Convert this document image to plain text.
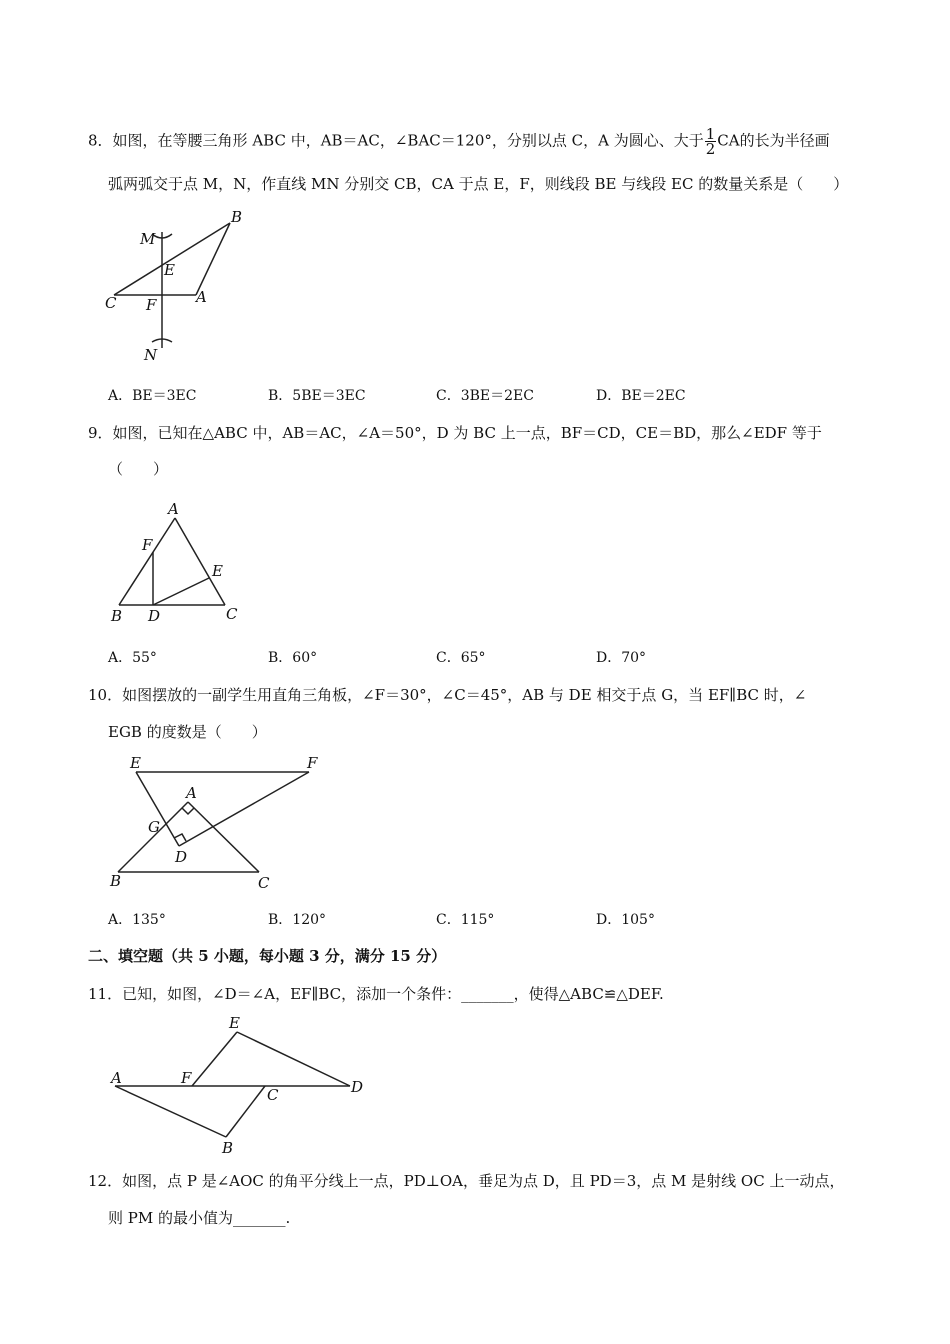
8．如图，在等腰三角形 ABC 中，AB＝AC，∠BAC＝120°，分别以点 C，A 为圆心、大于 $\frac{1}{2}$ CA的长为半径画
弧两弧交于点 M，N，作直线 MN 分别交 CB，CA 于点 E，F，则线段 BE 与线段 EC 的数量关系是（　　）
M
B
E
C F	A
N
A．BE＝3EC	B．5BE＝3EC	C．3BE＝2EC	D．BE＝2EC
9．如图，已知在△ABC 中，AB＝AC，∠A＝50°，D 为 BC 上一点，BF＝CD，CE＝BD，那么∠EDF 等于
（　　）
A
F
E
B D	C
A．55°	B．60°	C．65°	D．70°
10．如图摆放的一副学生用直角三角板，∠F＝30°，∠C＝45°，AB 与 DE 相交于点 G，当 EF∥BC 时，∠
EGB 的度数是（　　）
E	F
A
G
D
B	C
A．135°	B．120°	C．115°	D．105°
二、填空题（共 5 小题，每小题 3 分，满分 15 分）
11．已知，如图，∠D＝∠A，EF∥BC，添加一个条件：_______，使得△ABC≌△DEF.
E
A	F
C	D
B
12．如图，点 P 是∠AOC 的角平分线上一点，PD⊥OA，垂足为点 D，且 PD＝3，点 M 是射线 OC 上一动点，
则 PM 的最小值为_______.
